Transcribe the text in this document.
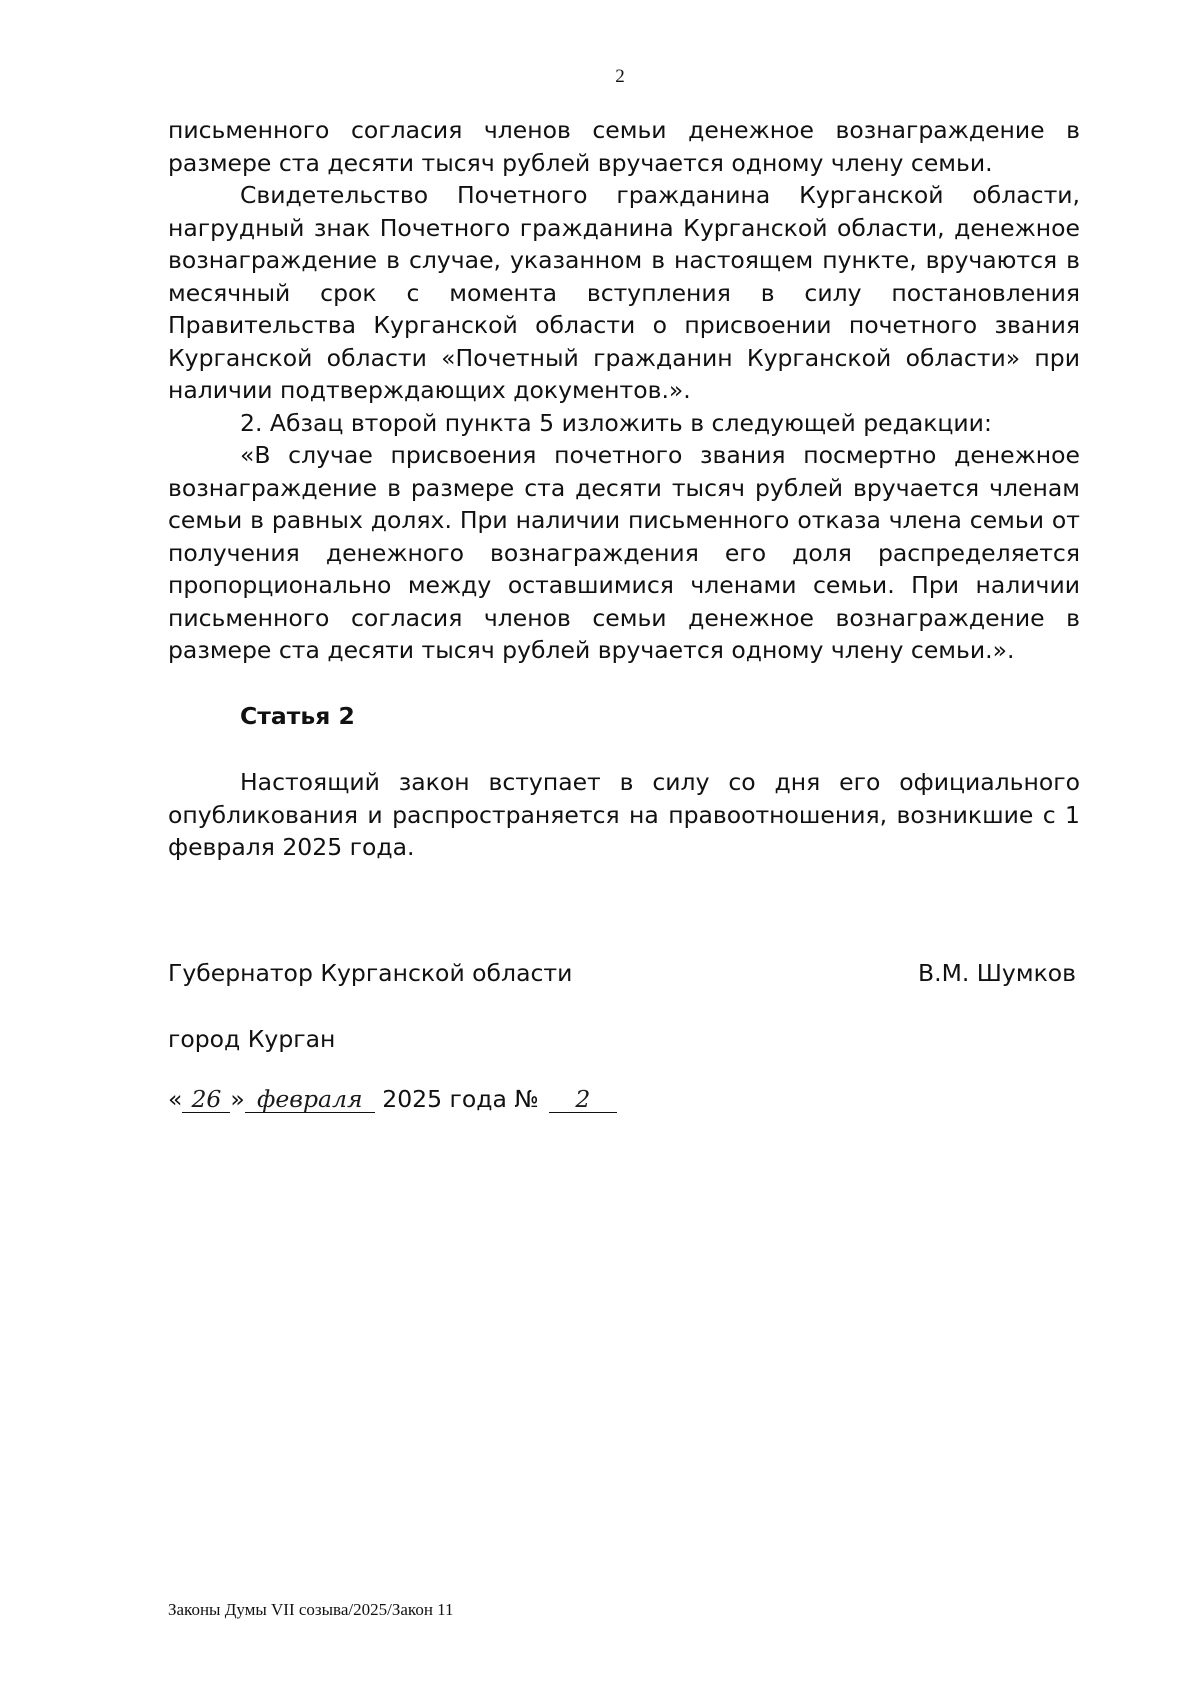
2

письменного согласия членов семьи денежное вознаграждение в размере ста десяти тысяч рублей вручается одному члену семьи.

Свидетельство Почетного гражданина Курганской области, нагрудный знак Почетного гражданина Курганской области, денежное вознаграждение в случае, указанном в настоящем пункте, вручаются в месячный срок с момента вступления в силу постановления Правительства Курганской области о присвоении почетного звания Курганской области «Почетный гражданин Курганской области» при наличии подтверждающих документов.».

2. Абзац второй пункта 5 изложить в следующей редакции:

«В случае присвоения почетного звания посмертно денежное вознаграждение в размере ста десяти тысяч рублей вручается членам семьи в равных долях. При наличии письменного отказа члена семьи от получения денежного вознаграждения его доля распределяется пропорционально между оставшимися членами семьи. При наличии письменного согласия членов семьи денежное вознаграждение в размере ста десяти тысяч рублей вручается одному члену семьи.».

Статья 2

Настоящий закон вступает в силу со дня его официального опубликования и распространяется на правоотношения, возникшие с 1 февраля 2025 года.

Губернатор Курганской области	В.М. Шумков
город Курган
« 26 » февраля 2025 года № 2
Законы Думы VII созыва/2025/Закон 11
